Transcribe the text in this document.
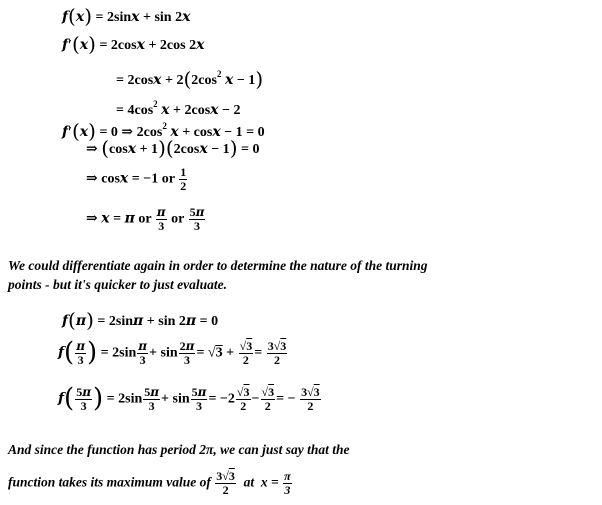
f(x) = 2sinx + sin 2x
f′(x) = 2cosx + 2cos 2x
= $2\cos x + 2(2\cos^2$ x − 1)
= $4\cos^2$ x + 2cosx − 2
f′(x) = 0 ⇒ $2\cos^2$ x + cosx − 1 = 0
⇒ (cosx + 1)(2cosx − 1) = 0
⇒ cosx = −1 or $\frac{1}{2}$
⇒ x = π or $\frac{\pi}{3}$ or $\frac{5\pi}{3}$
We could differentiate again in order to determine the nature of the turning points - but it's quicker to just evaluate.
f(π) = 2sinπ + sin 2π = 0
$f( \frac{\pi}{3}$ ) = $2\sin \frac{\pi}{3} + \sin \frac{2\pi}{3} = √3 + \frac{√3}{2} = \frac{3√3}{2}$
$f( \frac{5\pi}{3}$ ) = $2\sin \frac{5\pi}{3} + \sin \frac{5\pi}{3} = -2 \frac{√3}{2} - \frac{√3}{2}$ = − $\frac{3√3}{2}$
And since the function has period 2π, we can just say that the
function takes its maximum value of $\frac{3√3}{2}$ at  $x = \frac{\pi}{3}$
